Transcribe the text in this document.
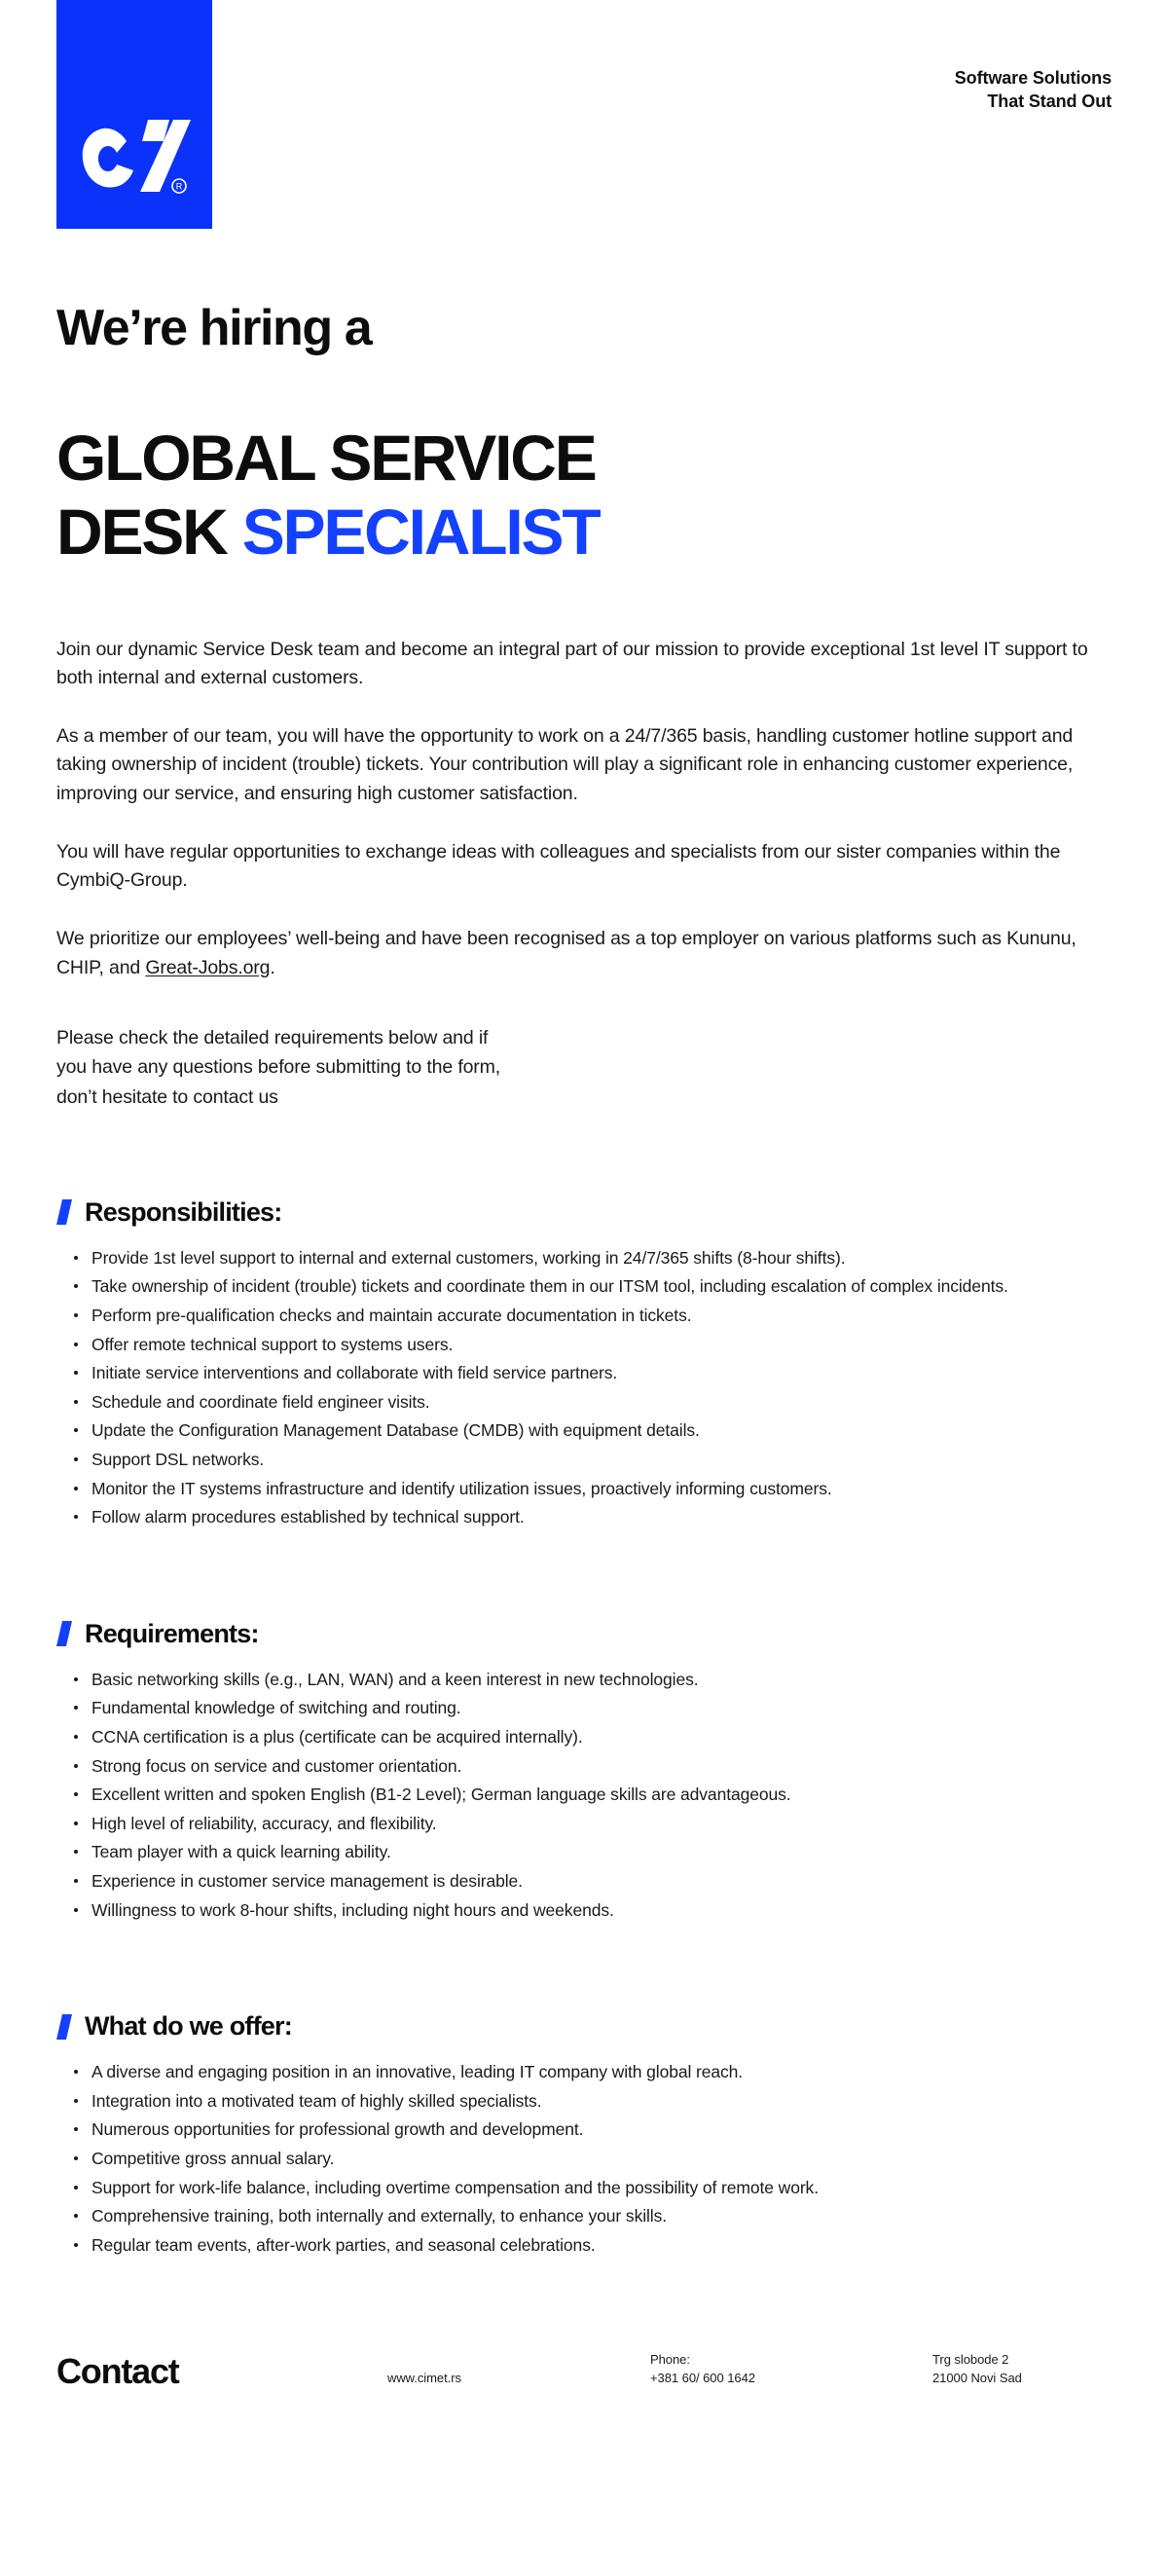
R
Software Solutions
That Stand Out
We’re hiring a
GLOBAL SERVICE
DESK SPECIALIST

Join our dynamic Service Desk team and become an integral part of our mission to provide exceptional 1st level IT support to both internal and external customers.

As a member of our team, you will have the opportunity to work on a 24/7/365 basis, handling customer hotline support and taking ownership of incident (trouble) tickets. Your contribution will play a significant role in enhancing customer experience, improving our service, and ensuring high customer satisfaction.

You will have regular opportunities to exchange ideas with colleagues and specialists from our sister companies within the CymbiQ-Group.

We prioritize our employees’ well-being and have been recognised as a top employer on various platforms such as Kununu, CHIP, and Great-Jobs.org.

Please check the detailed requirements below and if
you have any questions before submitting to the form,
don’t hesitate to contact us
Responsibilities:
Provide 1st level support to internal and external customers, working in 24/7/365 shifts (8-hour shifts).
Take ownership of incident (trouble) tickets and coordinate them in our ITSM tool, including escalation of complex incidents.
Perform pre-qualification checks and maintain accurate documentation in tickets.
Offer remote technical support to systems users.
Initiate service interventions and collaborate with field service partners.
Schedule and coordinate field engineer visits.
Update the Configuration Management Database (CMDB) with equipment details.
Support DSL networks.
Monitor the IT systems infrastructure and identify utilization issues, proactively informing customers.
Follow alarm procedures established by technical support.
Requirements:
Basic networking skills (e.g., LAN, WAN) and a keen interest in new technologies.
Fundamental knowledge of switching and routing.
CCNA certification is a plus (certificate can be acquired internally).
Strong focus on service and customer orientation.
Excellent written and spoken English (B1-2 Level); German language skills are advantageous.
High level of reliability, accuracy, and flexibility.
Team player with a quick learning ability.
Experience in customer service management is desirable.
Willingness to work 8-hour shifts, including night hours and weekends.
What do we offer:
A diverse and engaging position in an innovative, leading IT company with global reach.
Integration into a motivated team of highly skilled specialists.
Numerous opportunities for professional growth and development.
Competitive gross annual salary.
Support for work-life balance, including overtime compensation and the possibility of remote work.
Comprehensive training, both internally and externally, to enhance your skills.
Regular team events, after-work parties, and seasonal celebrations.
Contact	www.cimet.rs
Phone:
+381 60/ 600 1642
Trg slobode 2
21000 Novi Sad
